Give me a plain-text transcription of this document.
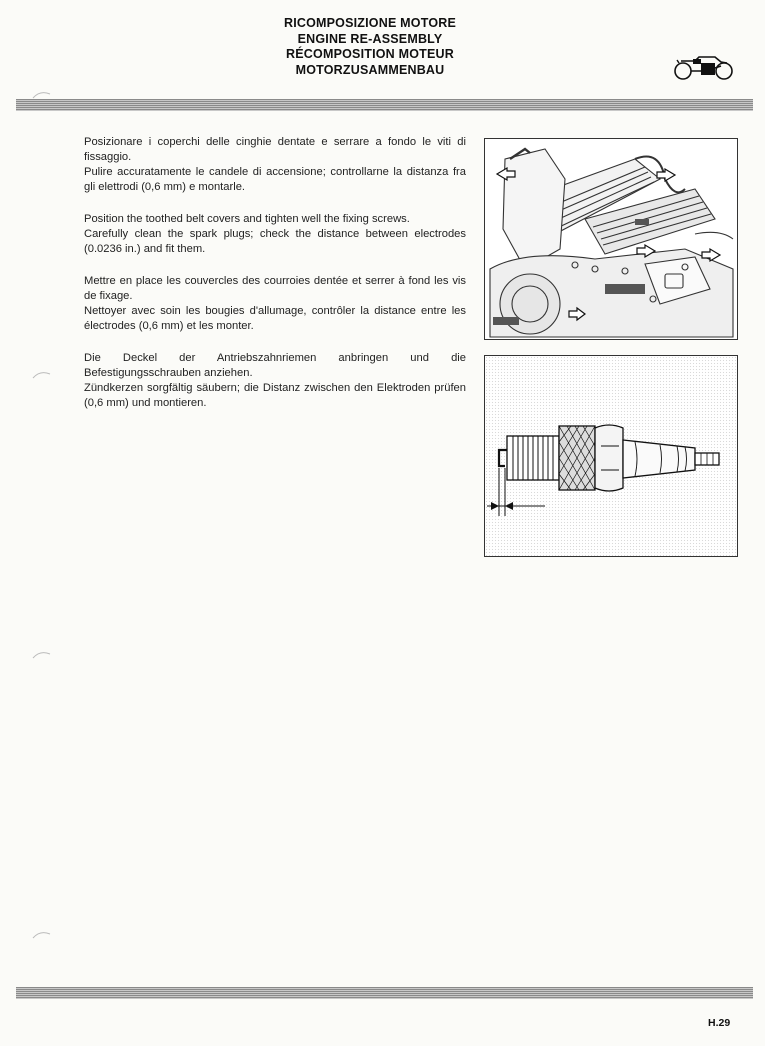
RICOMPOSIZIONE MOTORE
ENGINE RE-ASSEMBLY
RÉCOMPOSITION MOTEUR
MOTORZUSAMMENBAU

Posizionare i coperchi delle cinghie dentate e serrare a fondo le viti di fissaggio.
Pulire accuratamente le candele di accensione; controllarne la distanza fra gli elettrodi (0,6 mm) e montarle.

Position the toothed belt covers and tighten well the fixing screws.
Carefully clean the spark plugs; check the distance between electrodes (0.0236 in.) and fit them.

Mettre en place les couvercles des courroies dentée et serrer à fond les vis de fixage.
Nettoyer avec soin les bougies d'allumage, contrôler la distance entre les électrodes (0,6 mm) et les monter.

Die Deckel der Antriebszahnriemen anbringen und die Befestigungsschrauben anziehen.
Zündkerzen sorgfältig säubern; die Distanz zwischen den Elektroden prüfen (0,6 mm) und montieren.

H.29
